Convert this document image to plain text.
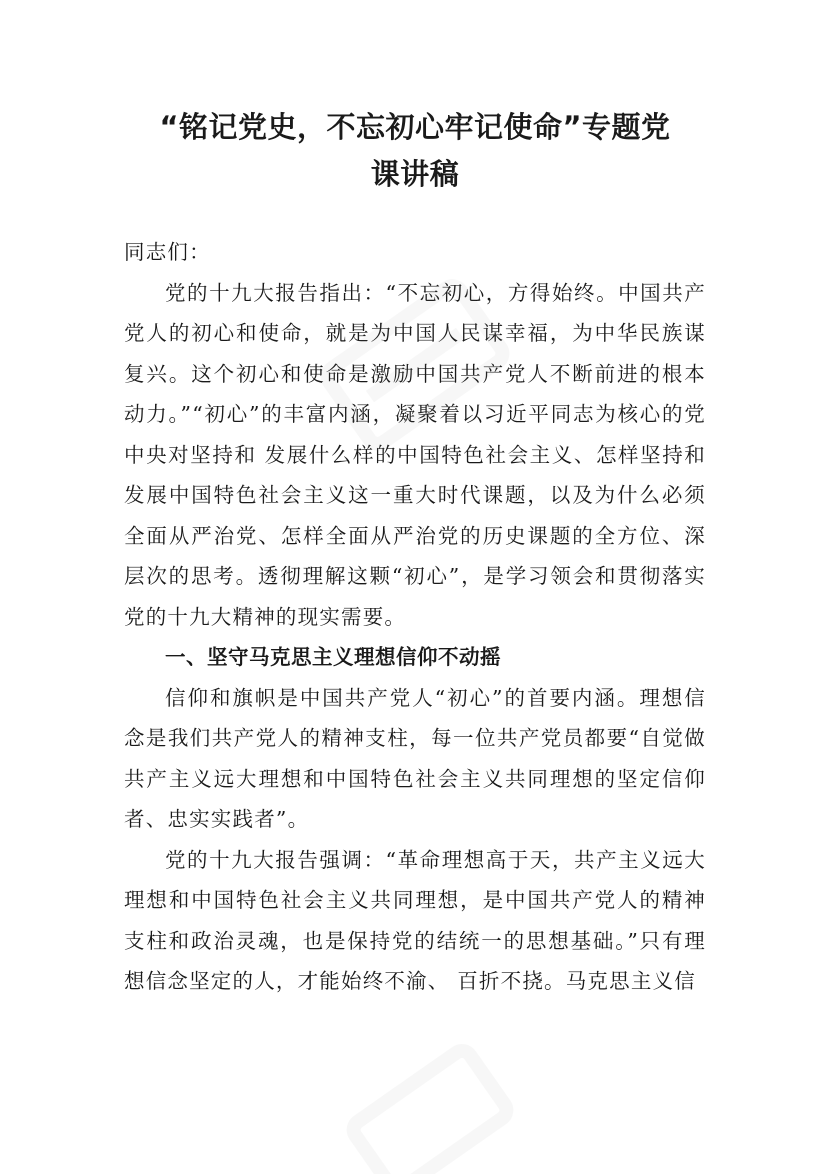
“铭记党史，不忘初心牢记使命”专题党
课讲稿

同志们：

党的十九大报告指出：“不忘初心，方得始终。中国共产党人的初心和使命，就是为中国人民谋幸福，为中华民族谋复兴。这个初心和使命是激励中国共产党人不断前进的根本动力。”“初心”的丰富内涵，凝聚着以习近平同志为核心的党中央对坚持和 发展什么样的中国特色社会主义、怎样坚持和发展中国特色社会主义这一重大时代课题，以及为什么必须全面从严治党、怎样全面从严治党的历史课题的全方位、深层次的思考。透彻理解这颗“初心”，是学习领会和贯彻落实党的十九大精神的现实需要。

一、坚守马克思主义理想信仰不动摇

信仰和旗帜是中国共产党人“初心”的首要内涵。理想信念是我们共产党人的精神支柱，每一位共产党员都要“自觉做共产主义远大理想和中国特色社会主义共同理想的坚定信仰者、忠实实践者”。

党的十九大报告强调：“革命理想高于天，共产主义远大理想和中国特色社会主义共同理想，是中国共产党人的精神支柱和政治灵魂，也是保持党的结统一的思想基础。”只有理想信念坚定的人，才能始终不渝、 百折不挠。马克思主义信
